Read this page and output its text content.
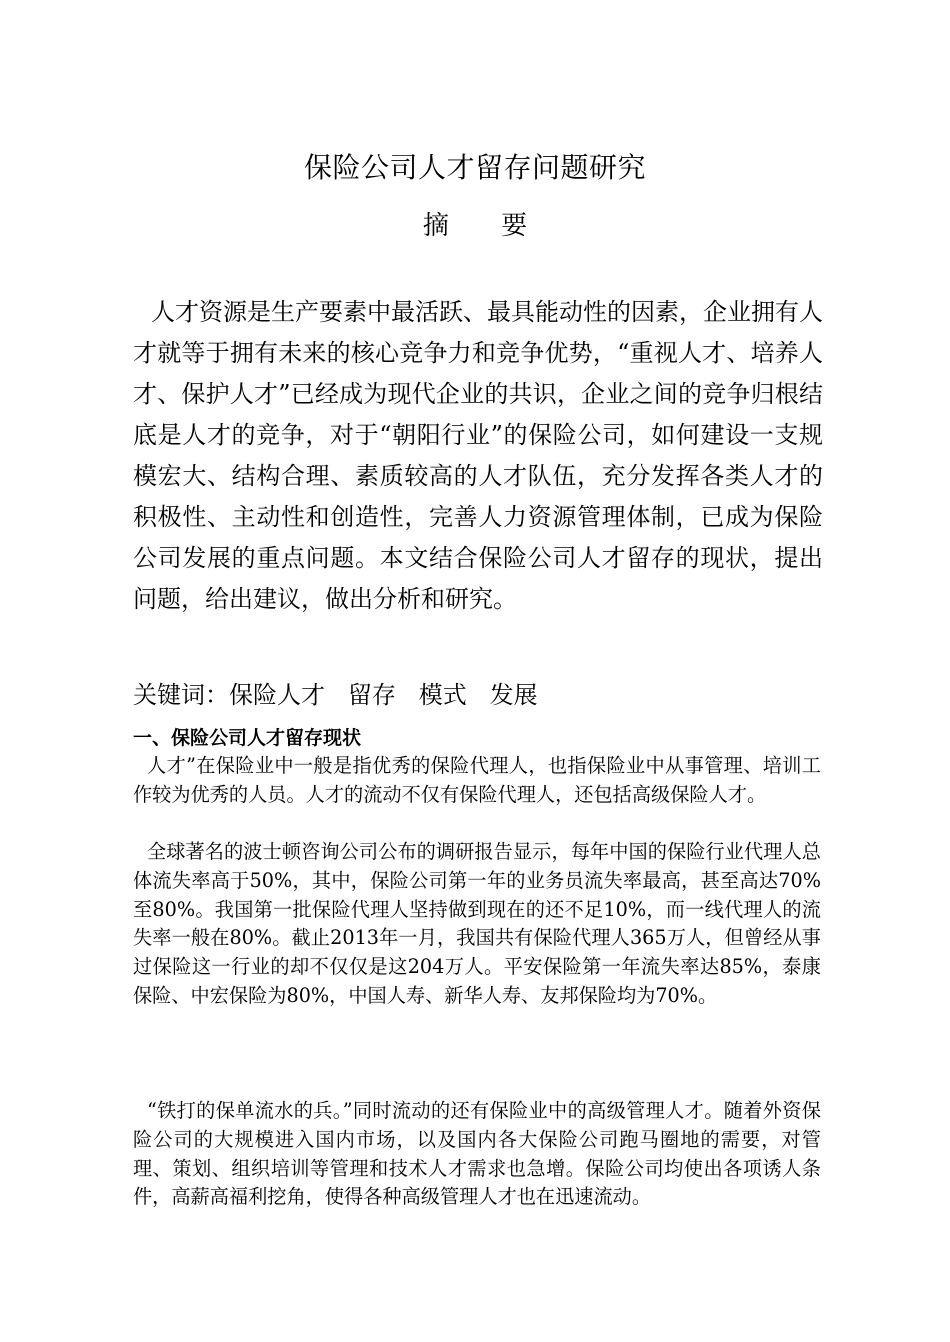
保险公司人才留存问题研究
摘 要

人才资源是生产要素中最活跃、最具能动性的因素，企业拥有人才就等于拥有未来的核心竞争力和竞争优势，“重视人才、培养人才、保护人才”已经成为现代企业的共识，企业之间的竞争归根结底是人才的竞争，对于“朝阳行业”的保险公司，如何建设一支规模宏大、结构合理、素质较高的人才队伍，充分发挥各类人才的积极性、主动性和创造性，完善人力资源管理体制，已成为保险公司发展的重点问题。本文结合保险公司人才留存的现状，提出问题，给出建议，做出分析和研究。

关键词：保险人才   留存   模式   发展
一、保险公司人才留存现状

人才”在保险业中一般是指优秀的保险代理人，也指保险业中从事管理、培训工作较为优秀的人员。人才的流动不仅有保险代理人，还包括高级保险人才。

全球著名的波士顿咨询公司公布的调研报告显示，每年中国的保险行业代理人总体流失率高于50%，其中，保险公司第一年的业务员流失率最高，甚至高达70%至80%。我国第一批保险代理人坚持做到现在的还不足10%，而一线代理人的流失率一般在80%。截止2013年一月，我国共有保险代理人365万人，但曾经从事过保险这一行业的却不仅仅是这204万人。平安保险第一年流失率达85%，泰康保险、中宏保险为80%，中国人寿、新华人寿、友邦保险均为70%。

“铁打的保单流水的兵。”同时流动的还有保险业中的高级管理人才。随着外资保险公司的大规模进入国内市场，以及国内各大保险公司跑马圈地的需要，对管理、策划、组织培训等管理和技术人才需求也急增。保险公司均使出各项诱人条件，高薪高福利挖角，使得各种高级管理人才也在迅速流动。
